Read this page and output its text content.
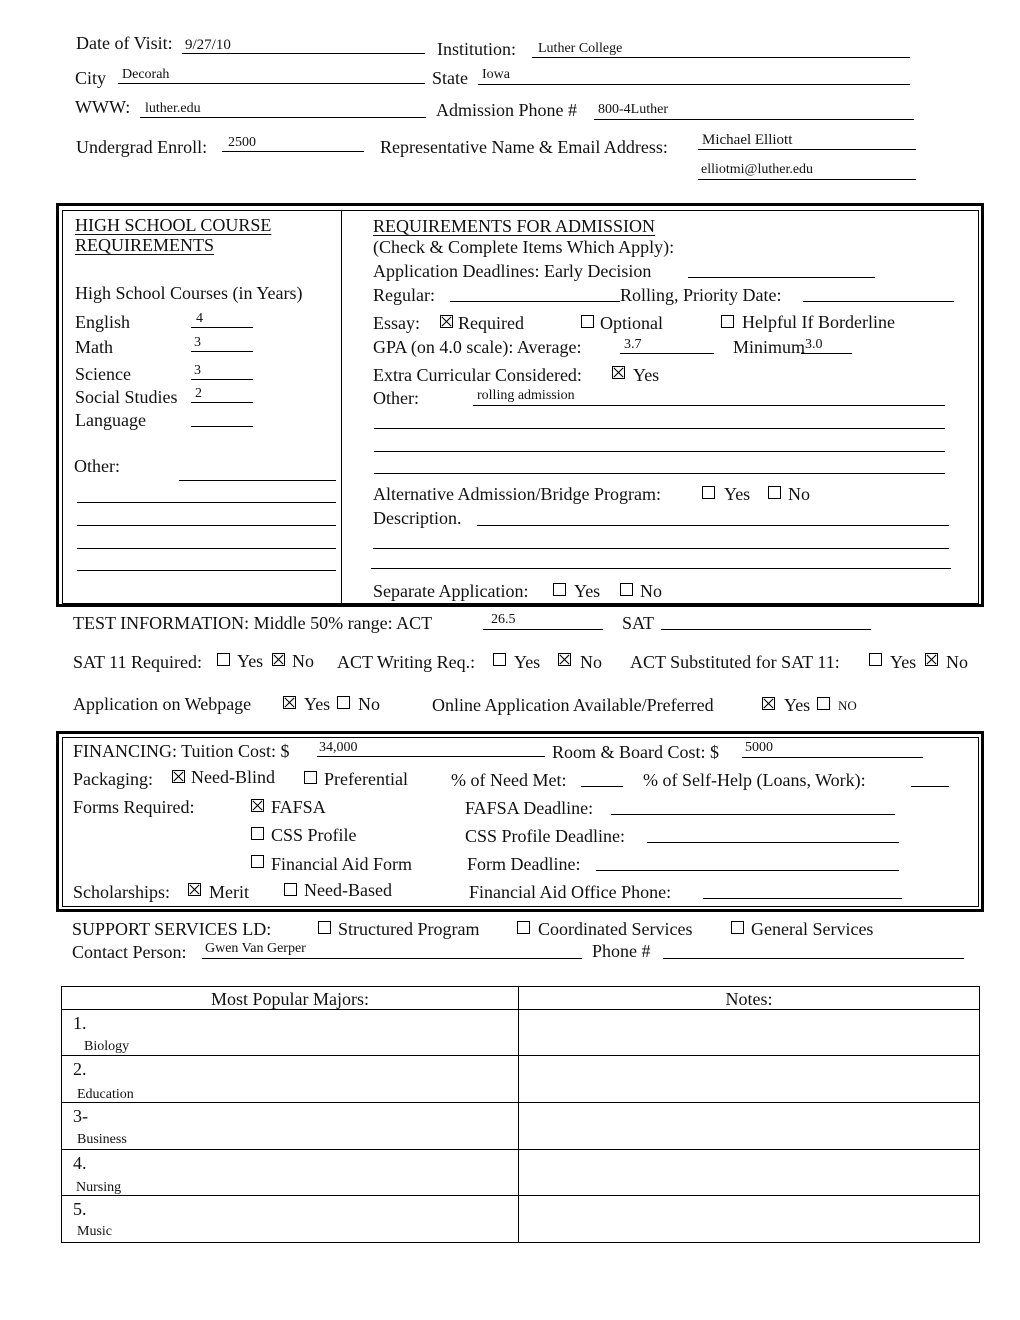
Date of Visit: 9/27/10	Institution: Luther College
City Decorah	State Iowa
WWW: luther.edu	Admission Phone # 800-4Luther
Undergrad Enroll: 2500	Representative Name & Email Address: Michael Elliott
elliotmi@luther.edu
HIGH SCHOOL COURSE
REQUIREMENTS
High School Courses (in Years)
English	4
Math	3
Science	3
Social Studies 2
Language
Other:
REQUIREMENTS FOR ADMISSION
(Check & Complete Items Which Apply):
Application Deadlines: Early Decision
Regular:	Rolling, Priority Date:
Essay: Required	Optional	Helpful If Borderline
GPA (on 4.0 scale): Average:	3.7	Minimum 3.0
Extra Curricular Considered:	Yes
Other:	rolling admission
Alternative Admission/Bridge Program:	Yes No
Description.
Separate Application:	Yes No
TEST INFORMATION: Middle 50% range: ACT	26.5	SAT
SAT 11 Required: Yes No ACT Writing Req.: Yes No ACT Substituted for SAT 11:	Yes No
Application on Webpage	Yes No	Online Application Available/Preferred	Yes NO
FINANCING: Tuition Cost: $ 34,000	Room & Board Cost: $ 5000
Packaging: Need-Blind	Preferential % of Need Met:	% of Self-Help (Loans, Work):
Forms Required:	FAFSA	FAFSA Deadline:
CSS Profile	CSS Profile Deadline:
Financial Aid Form	Form Deadline:
Scholarships: Merit	Need-Based	Financial Aid Office Phone:
SUPPORT SERVICES LD:	Structured Program	Coordinated Services	General Services
Contact Person: Gwen Van Gerper	Phone #
Most Popular Majors:	Notes:
1.
Biology
2.
Education
3-
Business
4.
Nursing
5.
Music
